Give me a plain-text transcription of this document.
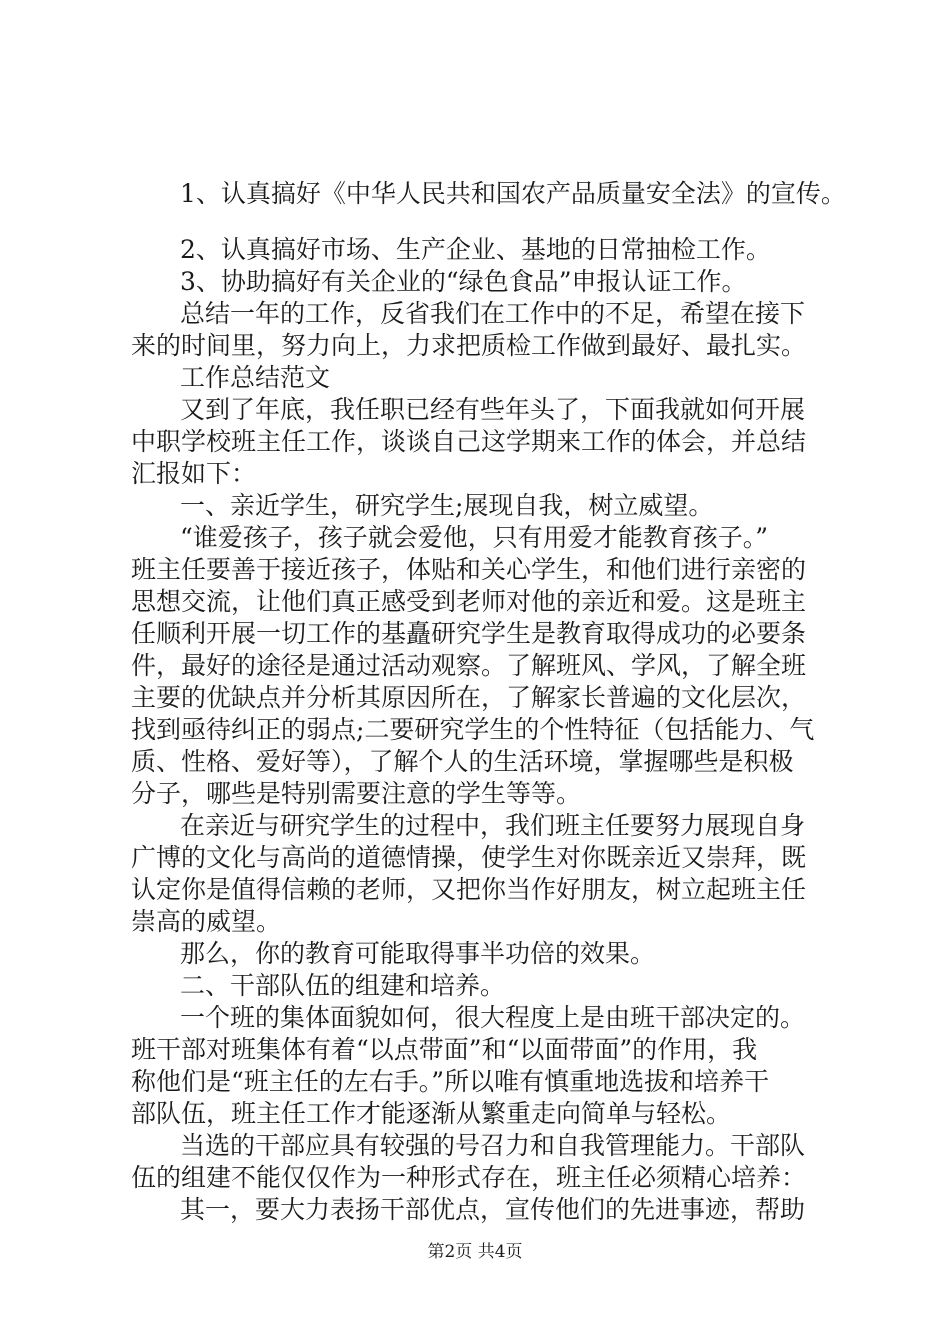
1、认真搞好《中华人民共和国农产品质量安全法》的宣传。
2、认真搞好市场、生产企业、基地的日常抽检工作。
3、协助搞好有关企业的“绿色食品”申报认证工作。
总结一年的工作，反省我们在工作中的不足，希望在接下
来的时间里，努力向上，力求把质检工作做到最好、最扎实。
工作总结范文
又到了年底，我任职已经有些年头了，下面我就如何开展
中职学校班主任工作，谈谈自己这学期来工作的体会，并总结
汇报如下：
一、亲近学生，研究学生;展现自我，树立威望。
“谁爱孩子，孩子就会爱他，只有用爱才能教育孩子。”
班主任要善于接近孩子，体贴和关心学生，和他们进行亲密的
思想交流，让他们真正感受到老师对他的亲近和爱。这是班主
任顺利开展一切工作的基矗研究学生是教育取得成功的必要条
件，最好的途径是通过活动观察。了解班风、学风，了解全班
主要的优缺点并分析其原因所在，了解家长普遍的文化层次，
找到亟待纠正的弱点;二要研究学生的个性特征（包括能力、气
质、性格、爱好等），了解个人的生活环境，掌握哪些是积极
分子，哪些是特别需要注意的学生等等。
在亲近与研究学生的过程中，我们班主任要努力展现自身
广博的文化与高尚的道德情操，使学生对你既亲近又崇拜，既
认定你是值得信赖的老师，又把你当作好朋友，树立起班主任
崇高的威望。
那么，你的教育可能取得事半功倍的效果。
二、干部队伍的组建和培养。
一个班的集体面貌如何，很大程度上是由班干部决定的。
班干部对班集体有着“以点带面”和“以面带面”的作用，我
称他们是“班主任的左右手。”所以唯有慎重地选拔和培养干
部队伍，班主任工作才能逐渐从繁重走向简单与轻松。
当选的干部应具有较强的号召力和自我管理能力。干部队
伍的组建不能仅仅作为一种形式存在，班主任必须精心培养：
其一，要大力表扬干部优点，宣传他们的先进事迹，帮助
第2页 共4页
